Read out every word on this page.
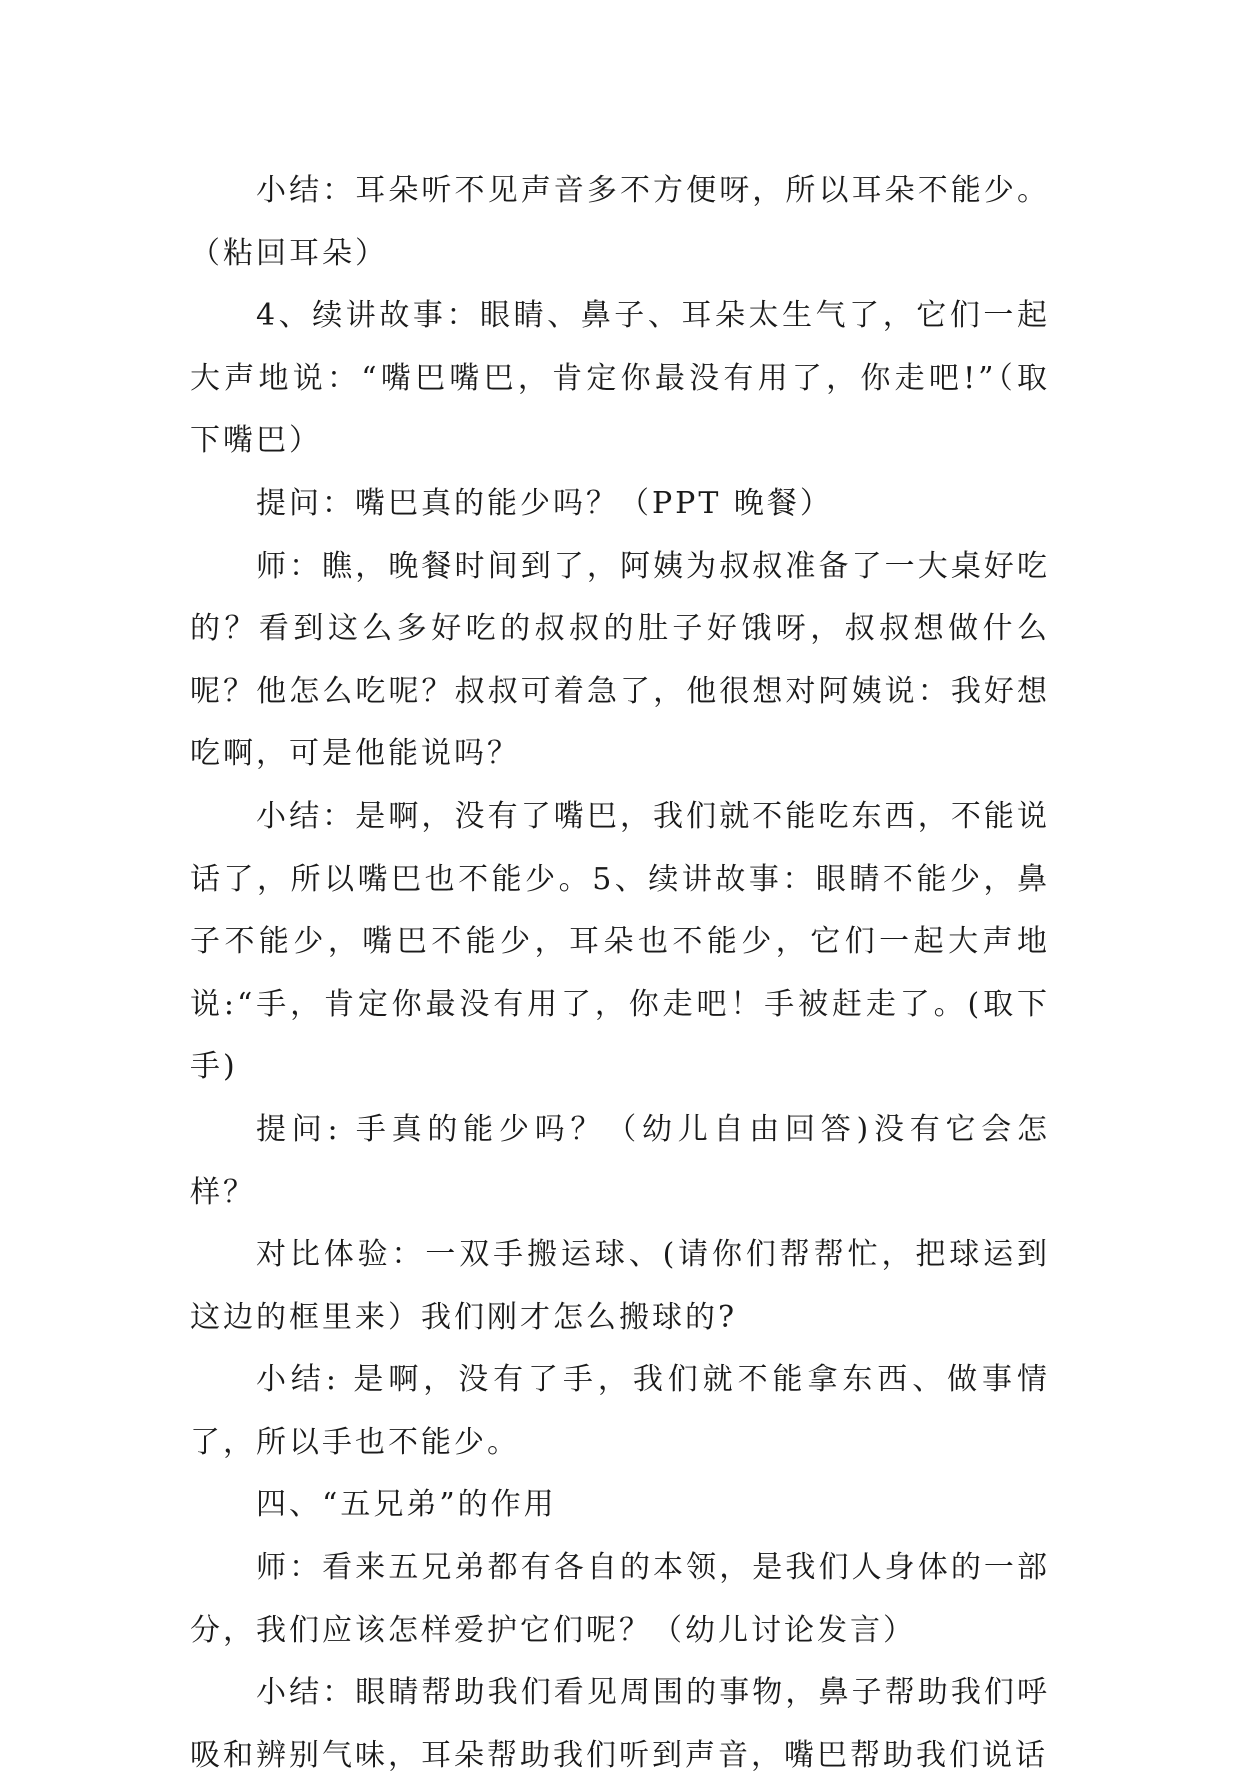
小结：耳朵听不见声音多不方便呀，所以耳朵不能少。（粘回耳朵）

4、续讲故事：眼睛、鼻子、耳朵太生气了，它们一起大声地说：“嘴巴嘴巴，肯定你最没有用了，你走吧!”（取下嘴巴）

提问：嘴巴真的能少吗？（PPT 晚餐）

师：瞧，晚餐时间到了，阿姨为叔叔准备了一大桌好吃的？看到这么多好吃的叔叔的肚子好饿呀，叔叔想做什么呢？他怎么吃呢？叔叔可着急了，他很想对阿姨说：我好想吃啊，可是他能说吗？

小结：是啊，没有了嘴巴，我们就不能吃东西，不能说话了，所以嘴巴也不能少。5、续讲故事：眼睛不能少，鼻子不能少，嘴巴不能少，耳朵也不能少，它们一起大声地说:“手，肯定你最没有用了，你走吧！手被赶走了。(取下手)

提问: 手真的能少吗？（幼儿自由回答)没有它会怎样？

对比体验：一双手搬运球、(请你们帮帮忙，把球运到这边的框里来）我们刚才怎么搬球的?

小结: 是啊，没有了手，我们就不能拿东西、做事情了，所以手也不能少。

四、“五兄弟”的作用

师：看来五兄弟都有各自的本领，是我们人身体的一部分，我们应该怎样爱护它们呢？（幼儿讨论发言）

小结：眼睛帮助我们看见周围的事物，鼻子帮助我们呼吸和辨别气味，耳朵帮助我们听到声音，嘴巴帮助我们说话
